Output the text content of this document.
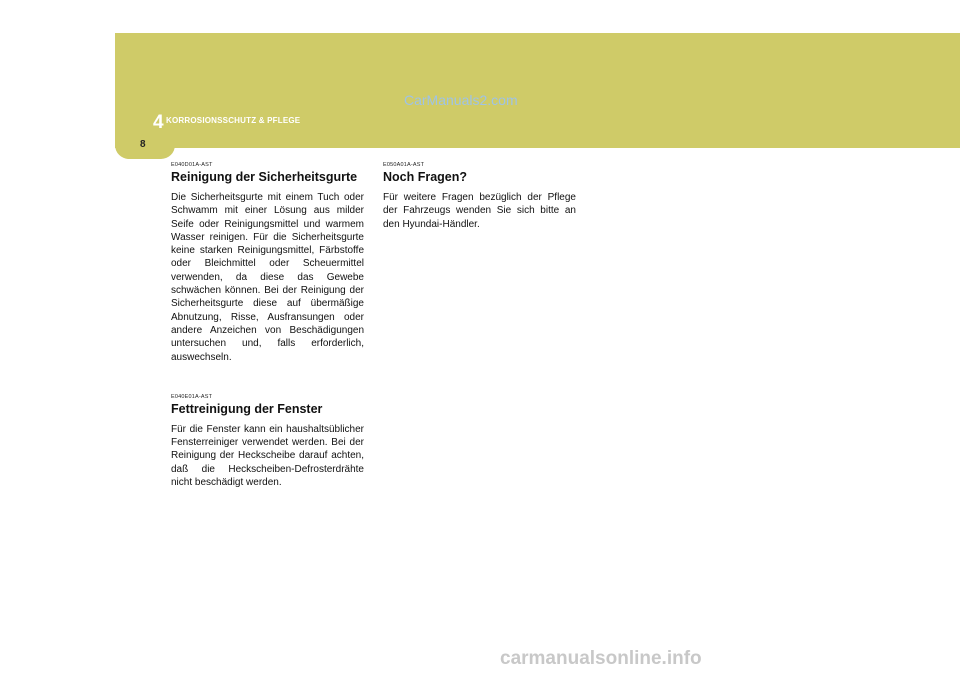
CarManuals2.com
4 KORROSIONSSCHUTZ & PFLEGE
8
E040D01A-AST
Reinigung der Sicherheitsgurte

Die Sicherheitsgurte mit einem Tuch oder Schwamm mit einer Lösung aus milder Seife oder Reinigungsmittel und warmem Wasser reinigen. Für die Sicherheitsgurte keine starken Reinigungsmittel, Färbstoffe oder Bleichmittel oder Scheuermittel verwenden, da diese das Gewebe schwächen können. Bei der Reinigung der Sicherheitsgurte diese auf übermäßige Abnutzung, Risse, Ausfransungen oder andere Anzeichen von Beschädigungen untersuchen und, falls erforderlich, auswechseln.

E040E01A-AST
Fettreinigung der Fenster

Für die Fenster kann ein haushaltsüblicher Fensterreiniger verwendet werden. Bei der Reinigung der Heckscheibe darauf achten, daß die Heckscheiben-Defrosterdrähte nicht beschädigt werden.

E050A01A-AST
Noch Fragen?

Für weitere Fragen bezüglich der Pflege der Fahrzeugs wenden Sie sich bitte an den Hyundai-Händler.

carmanualsonline.info
